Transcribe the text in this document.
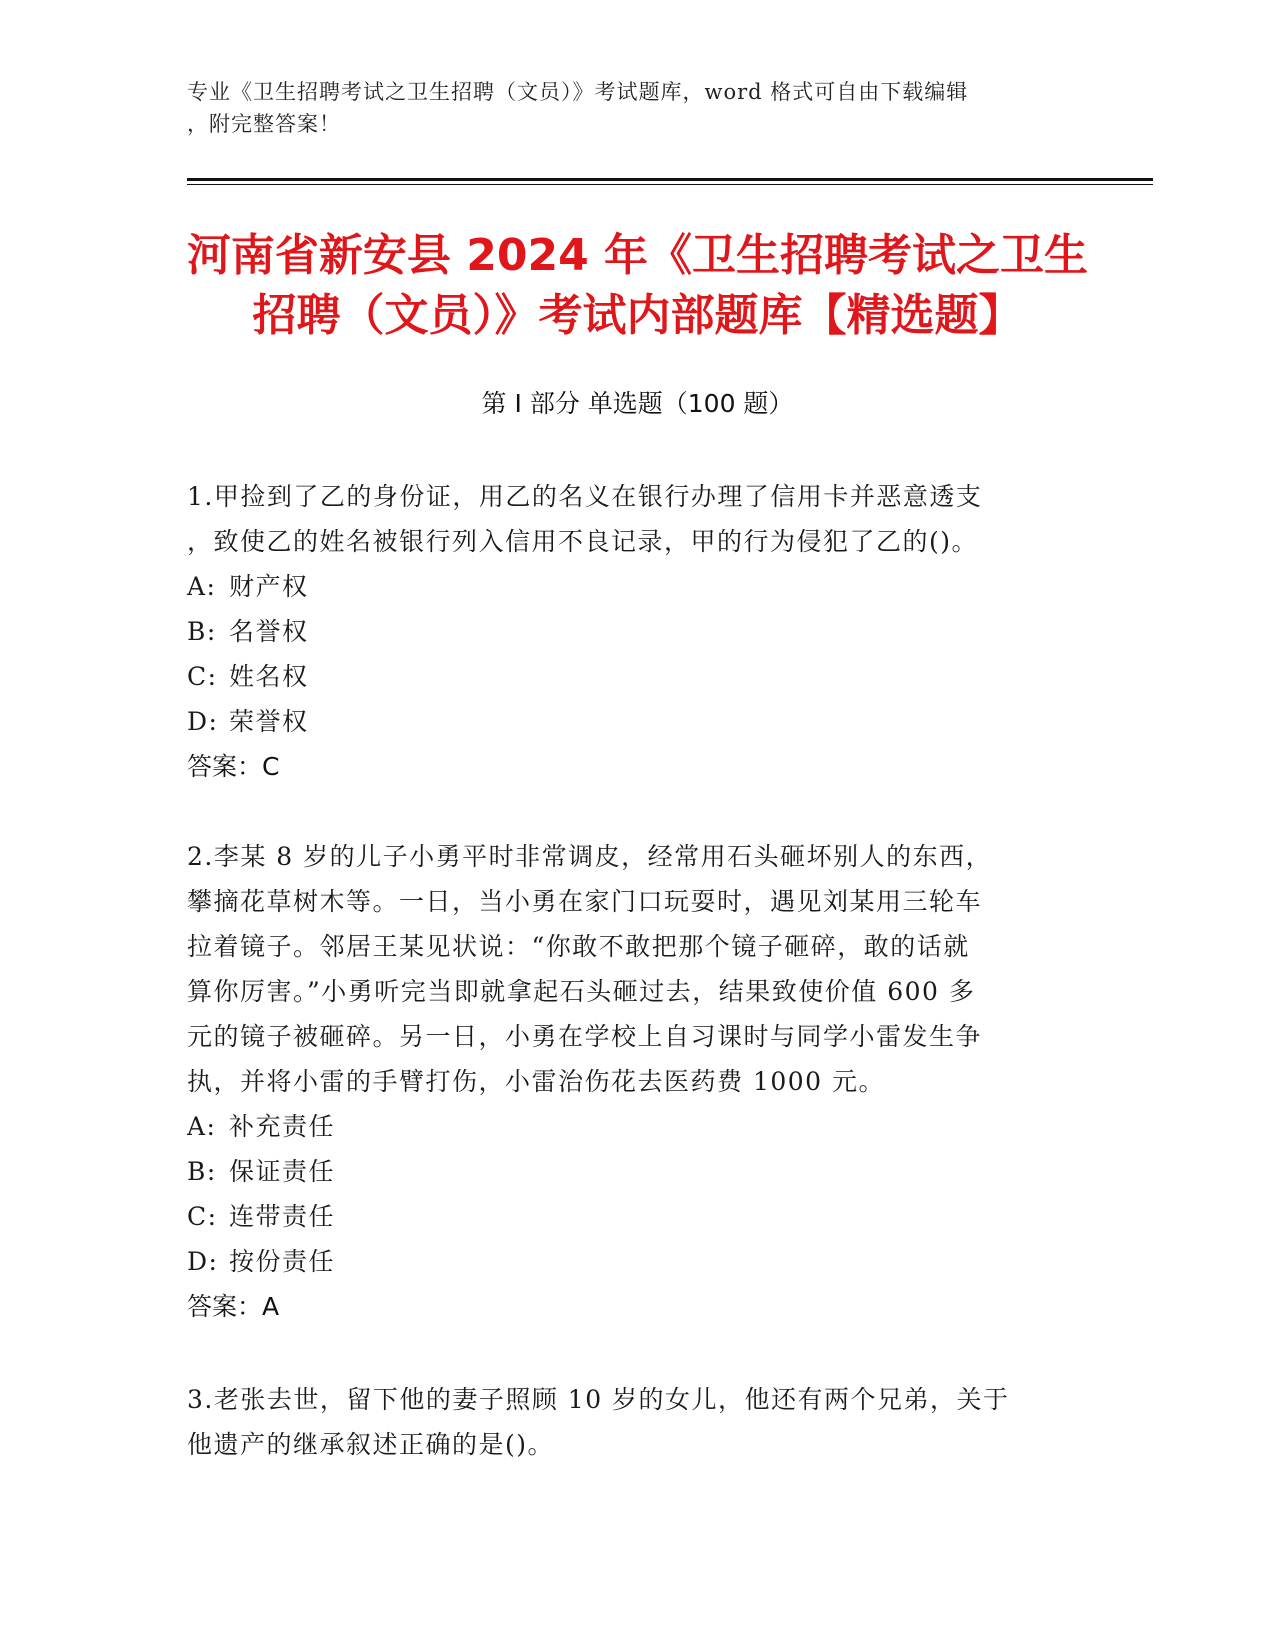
专业《卫生招聘考试之卫生招聘（文员）》考试题库，word 格式可自由下载编辑
，附完整答案！
河南省新安县 2024 年《卫生招聘考试之卫生
招聘（文员）》考试内部题库【精选题】
第 I 部分 单选题（100 题）

1.甲捡到了乙的身份证，用乙的名义在银行办理了信用卡并恶意透支

，致使乙的姓名被银行列入信用不良记录，甲的行为侵犯了乙的()。

A: 财产权

B: 名誉权

C: 姓名权

D: 荣誉权

答案：C

2.李某 8 岁的儿子小勇平时非常调皮，经常用石头砸坏别人的东西，

攀摘花草树木等。一日，当小勇在家门口玩耍时，遇见刘某用三轮车

拉着镜子。邻居王某见状说：“你敢不敢把那个镜子砸碎，敢的话就

算你厉害。”小勇听完当即就拿起石头砸过去，结果致使价值 600 多

元的镜子被砸碎。另一日，小勇在学校上自习课时与同学小雷发生争

执，并将小雷的手臂打伤，小雷治伤花去医药费 1000 元。

A: 补充责任

B: 保证责任

C: 连带责任

D: 按份责任

答案：A

3.老张去世，留下他的妻子照顾 10 岁的女儿，他还有两个兄弟，关于

他遗产的继承叙述正确的是()。
